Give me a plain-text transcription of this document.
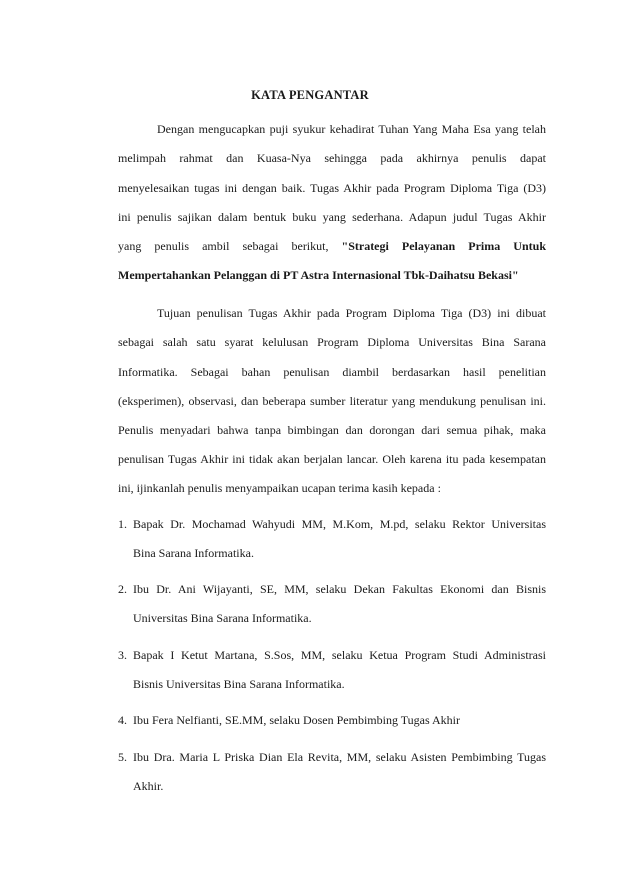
KATA PENGANTAR
Dengan mengucapkan puji syukur kehadirat Tuhan Yang Maha Esa yang telah
melimpah rahmat dan Kuasa-Nya sehingga pada akhirnya penulis dapat
menyelesaikan tugas ini dengan baik. Tugas Akhir pada Program Diploma Tiga (D3)
ini penulis sajikan dalam bentuk buku yang sederhana. Adapun judul Tugas Akhir
yang penulis ambil sebagai berikut, "Strategi Pelayanan Prima Untuk
Mempertahankan Pelanggan di PT Astra Internasional Tbk-Daihatsu Bekasi"
Tujuan penulisan Tugas Akhir pada Program Diploma Tiga (D3) ini dibuat
sebagai salah satu syarat kelulusan Program Diploma Universitas Bina Sarana
Informatika. Sebagai bahan penulisan diambil berdasarkan hasil penelitian
(eksperimen), observasi, dan beberapa sumber literatur yang mendukung penulisan ini.
Penulis menyadari bahwa tanpa bimbingan dan dorongan dari semua pihak, maka
penulisan Tugas Akhir ini tidak akan berjalan lancar. Oleh karena itu pada kesempatan
ini, ijinkanlah penulis menyampaikan ucapan terima kasih kepada :
1. Bapak Dr. Mochamad Wahyudi MM, M.Kom, M.pd, selaku Rektor Universitas
Bina Sarana Informatika.
2. Ibu Dr. Ani Wijayanti, SE, MM, selaku Dekan Fakultas Ekonomi dan Bisnis
Universitas Bina Sarana Informatika.
3. Bapak I Ketut Martana, S.Sos, MM, selaku Ketua Program Studi Administrasi
Bisnis Universitas Bina Sarana Informatika.
4. Ibu Fera Nelfianti, SE.MM, selaku Dosen Pembimbing Tugas Akhir
5. Ibu Dra. Maria L Priska Dian Ela Revita, MM, selaku Asisten Pembimbing Tugas
Akhir.
